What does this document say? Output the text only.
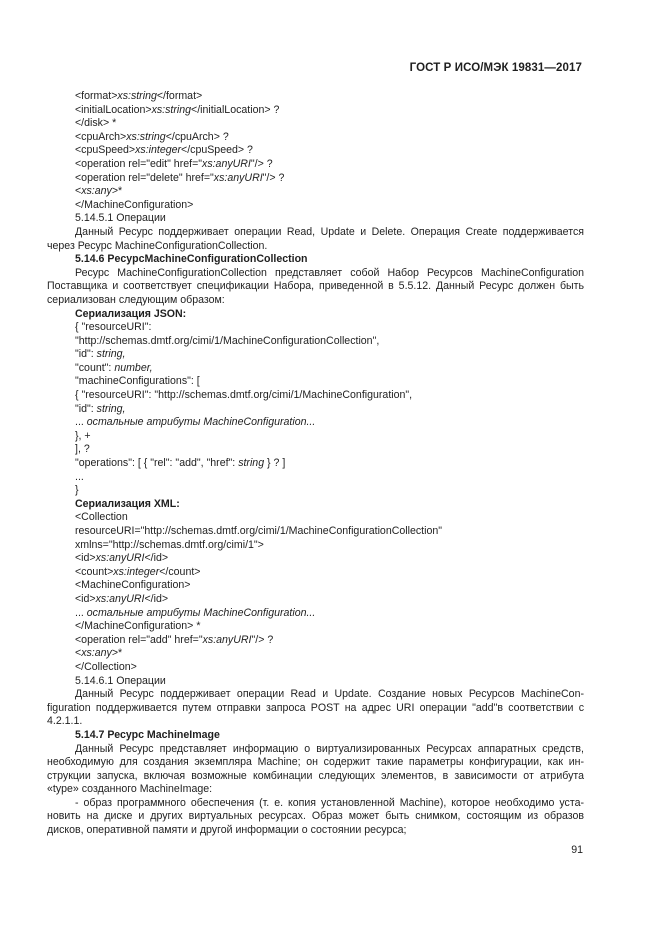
ГОСТ Р ИСО/МЭК 19831—2017
<format>xs:string</format>
<initialLocation>xs:string</initialLocation> ?
</disk> *
<cpuArch>xs:string</cpuArch> ?
<cpuSpeed>xs:integer</cpuSpeed> ?
<operation rel="edit" href="xs:anyURI"/> ?
<operation rel="delete" href="xs:anyURI"/> ?
<xs:any>*
</MachineConfiguration>
5.14.5.1 Операции
Данный Ресурс поддерживает операции Read, Update и Delete. Операция Create поддерживается
через Ресурс MachineConfigurationCollection.
5.14.6 PecypcMachineConfigurationCollection
Ресурс MachineConfigurationCollection представляет собой Набор Ресурсов MachineConfiguration
Поставщика и соответствует спецификации Набора, приведенной в 5.5.12. Данный Ресурс должен быть
сериализован следующим образом:
Сериализация JSON:
{ "resourceURI":
"http://schemas.dmtf.org/cimi/1/MachineConfigurationCollection",
"id": string,
"count": number,
"machineConfigurations": [
{ "resourceURI": "http://schemas.dmtf.org/cimi/1/MachineConfiguration",
"id": string,
... остальные атрибуты MachineConfiguration...
}, +
], ?
"operations": [ { "rel": "add", "href": string } ? ]
...
}
Сериализация XML:
<Collection
resourceURI="http://schemas.dmtf.org/cimi/1/MachineConfigurationCollection"
xmlns="http://schemas.dmtf.org/cimi/1">
<id>xs:anyURI</id>
<count>xs:integer</count>
<MachineConfiguration>
<id>xs:anyURI</id>
... остальные атрибуты MachineConfiguration...
</MachineConfiguration> *
<operation rel="add" href="xs:anyURI"/> ?
<xs:any>*
</Collection>
5.14.6.1 Операции
Данный Ресурс поддерживает операции Read и Update. Создание новых Ресурсов MachineCon-
figuration поддерживается путем отправки запроса POST на адрес URI операции "add"в соответствии с
4.2.1.1.
5.14.7 Ресурс MachineImage
Данный Ресурс представляет информацию о виртуализированных Ресурсах аппаратных средств,
необходимую для создания экземпляра Machine; он содержит такие параметры конфигурации, как ин-
струкции запуска, включая возможные комбинации следующих элементов, в зависимости от атрибута
«type» созданного MachineImage:
- образ программного обеспечения (т. е. копия установленной Machine), которое необходимо уста-
новить на диске и других виртуальных ресурсах. Образ может быть снимком, состоящим из образов
дисков, оперативной памяти и другой информации о состоянии ресурса;
91
